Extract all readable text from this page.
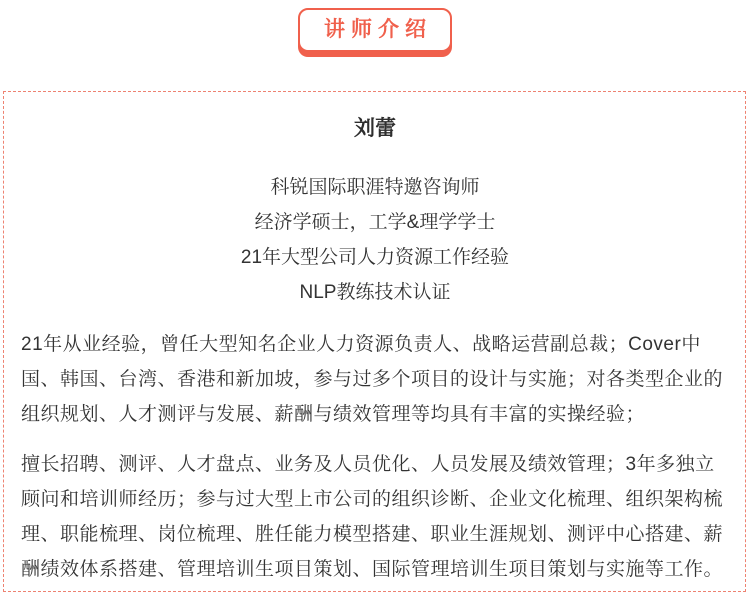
讲师介绍
刘蕾

科锐国际职涯特邀咨询师

经济学硕士，工学&理学学士

21年大型公司人力资源工作经验

NLP教练技术认证

21年从业经验，曾任大型知名企业人力资源负责人、战略运营副总裁；Cover中国、韩国、台湾、香港和新加坡，参与过多个项目的设计与实施；对各类型企业的组织规划、人才测评与发展、薪酬与绩效管理等均具有丰富的实操经验；

擅长招聘、测评、人才盘点、业务及人员优化、人员发展及绩效管理；3年多独立顾问和培训师经历；参与过大型上市公司的组织诊断、企业文化梳理、组织架构梳理、职能梳理、岗位梳理、胜任能力模型搭建、职业生涯规划、测评中心搭建、薪酬绩效体系搭建、管理培训生项目策划、国际管理培训生项目策划与实施等工作。
